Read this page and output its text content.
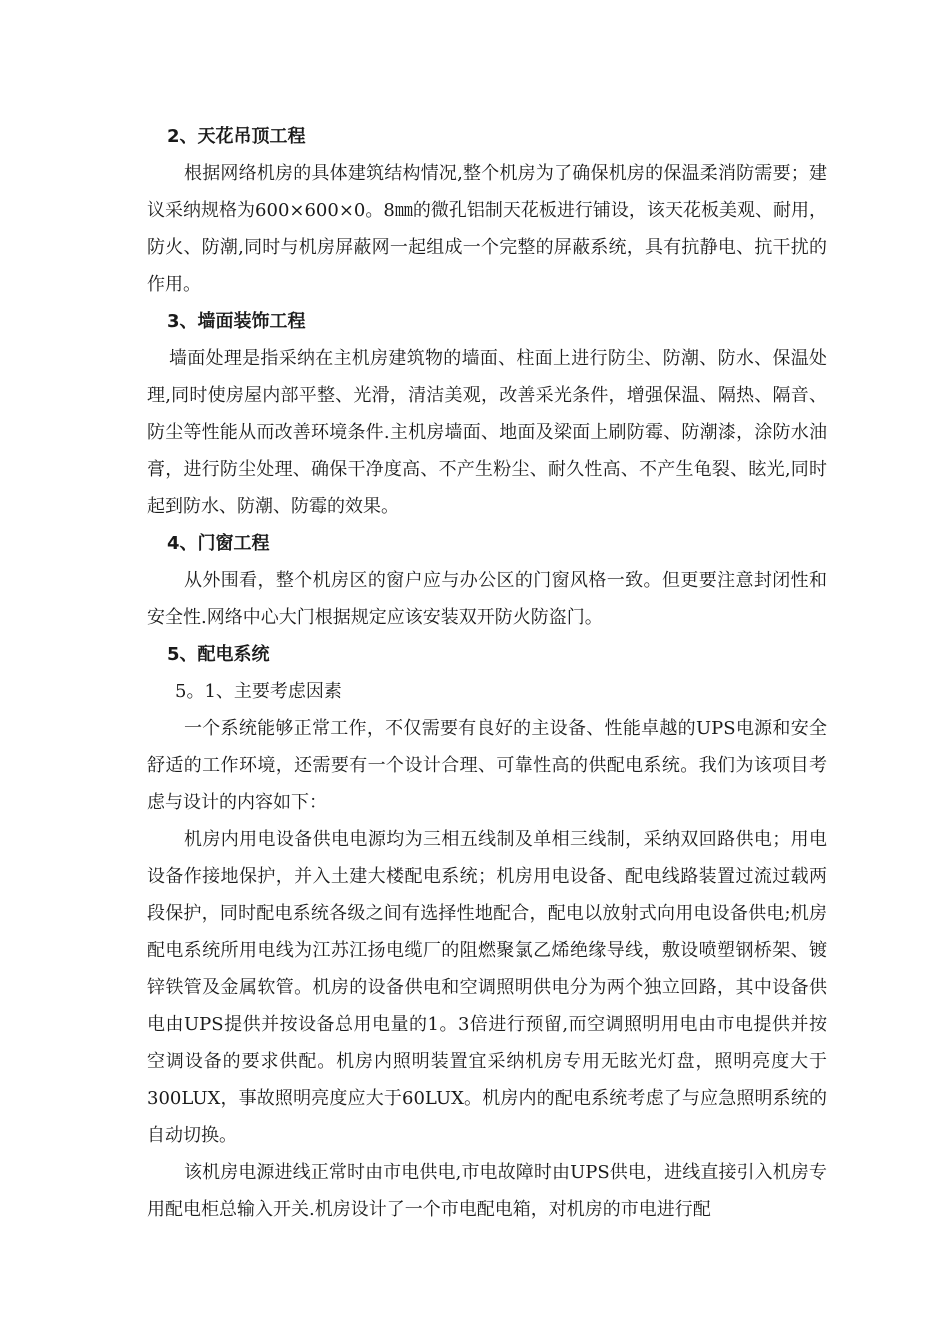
2、天花吊顶工程

根据网络机房的具体建筑结构情况,整个机房为了确保机房的保温柔消防需要；建议采纳规格为600×600×0。8㎜的微孔铝制天花板进行铺设，该天花板美观、耐用，防火、防潮,同时与机房屏蔽网一起组成一个完整的屏蔽系统，具有抗静电、抗干扰的作用。

3、墙面装饰工程

墙面处理是指采纳在主机房建筑物的墙面、柱面上进行防尘、防潮、防水、保温处理,同时使房屋内部平整、光滑，清洁美观，改善采光条件，增强保温、隔热、隔音、防尘等性能从而改善环境条件.主机房墙面、地面及梁面上刷防霉、防潮漆，涂防水油膏，进行防尘处理、确保干净度高、不产生粉尘、耐久性高、不产生龟裂、眩光,同时起到防水、防潮、防霉的效果。

4、门窗工程

从外围看，整个机房区的窗户应与办公区的门窗风格一致。但更要注意封闭性和安全性.网络中心大门根据规定应该安装双开防火防盗门。

5、配电系统
5。1、主要考虑因素

一个系统能够正常工作，不仅需要有良好的主设备、性能卓越的UPS电源和安全舒适的工作环境，还需要有一个设计合理、可靠性高的供配电系统。我们为该项目考虑与设计的内容如下：

机房内用电设备供电电源均为三相五线制及单相三线制，采纳双回路供电；用电设备作接地保护，并入土建大楼配电系统；机房用电设备、配电线路装置过流过载两段保护，同时配电系统各级之间有选择性地配合，配电以放射式向用电设备供电;机房配电系统所用电线为江苏江扬电缆厂的阻燃聚氯乙烯绝缘导线，敷设喷塑钢桥架、镀锌铁管及金属软管。机房的设备供电和空调照明供电分为两个独立回路，其中设备供电由UPS提供并按设备总用电量的1。3倍进行预留,而空调照明用电由市电提供并按空调设备的要求供配。机房内照明装置宜采纳机房专用无眩光灯盘，照明亮度大于300LUX，事故照明亮度应大于60LUX。机房内的配电系统考虑了与应急照明系统的自动切换。

该机房电源进线正常时由市电供电,市电故障时由UPS供电，进线直接引入机房专用配电柜总输入开关.机房设计了一个市电配电箱，对机房的市电进行配
